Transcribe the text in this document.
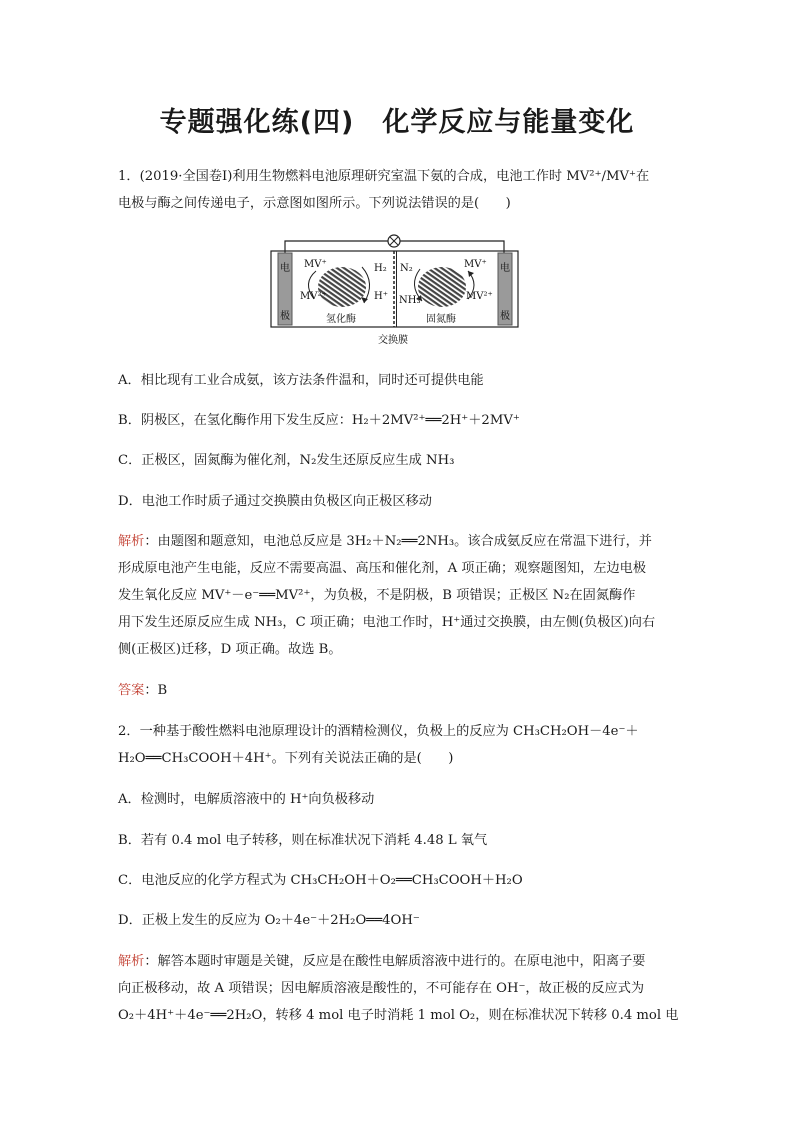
专题强化练(四)　化学反应与能量变化
1．(2019·全国卷Ⅰ)利用生物燃料电池原理研究室温下氨的合成，电池工作时 MV²⁺/MV⁺在
电极与酶之间传递电子，示意图如图所示。下列说法错误的是(　　)
电
极
电
极
MV⁺
MV²⁺
H₂
H⁺
N₂
NH₃
MV⁺
MV²⁺
氢化酶	固氮酶
交换膜
A．相比现有工业合成氨，该方法条件温和，同时还可提供电能
B．阴极区，在氢化酶作用下发生反应：H₂＋2MV²⁺══2H⁺＋2MV⁺
C．正极区，固氮酶为催化剂，N₂发生还原反应生成 NH₃
D．电池工作时质子通过交换膜由负极区向正极区移动
解析：由题图和题意知，电池总反应是 3H₂＋N₂══2NH₃。该合成氨反应在常温下进行，并
形成原电池产生电能，反应不需要高温、高压和催化剂，A 项正确；观察题图知，左边电极
发生氧化反应 MV⁺－e⁻══MV²⁺，为负极，不是阴极，B 项错误；正极区 N₂在固氮酶作
用下发生还原反应生成 NH₃，C 项正确；电池工作时，H⁺通过交换膜，由左侧(负极区)向右
侧(正极区)迁移，D 项正确。故选 B。
答案：B
2．一种基于酸性燃料电池原理设计的酒精检测仪，负极上的反应为 CH₃CH₂OH－4e⁻＋
H₂O══CH₃COOH＋4H⁺。下列有关说法正确的是(　　)
A．检测时，电解质溶液中的 H⁺向负极移动
B．若有 0.4 mol 电子转移，则在标准状况下消耗 4.48 L 氧气
C．电池反应的化学方程式为 CH₃CH₂OH＋O₂══CH₃COOH＋H₂O
D．正极上发生的反应为 O₂＋4e⁻＋2H₂O══4OH⁻
解析：解答本题时审题是关键，反应是在酸性电解质溶液中进行的。在原电池中，阳离子要
向正极移动，故 A 项错误；因电解质溶液是酸性的，不可能存在 OH⁻，故正极的反应式为
O₂＋4H⁺＋4e⁻══2H₂O，转移 4 mol 电子时消耗 1 mol O₂，则在标准状况下转移 0.4 mol 电
